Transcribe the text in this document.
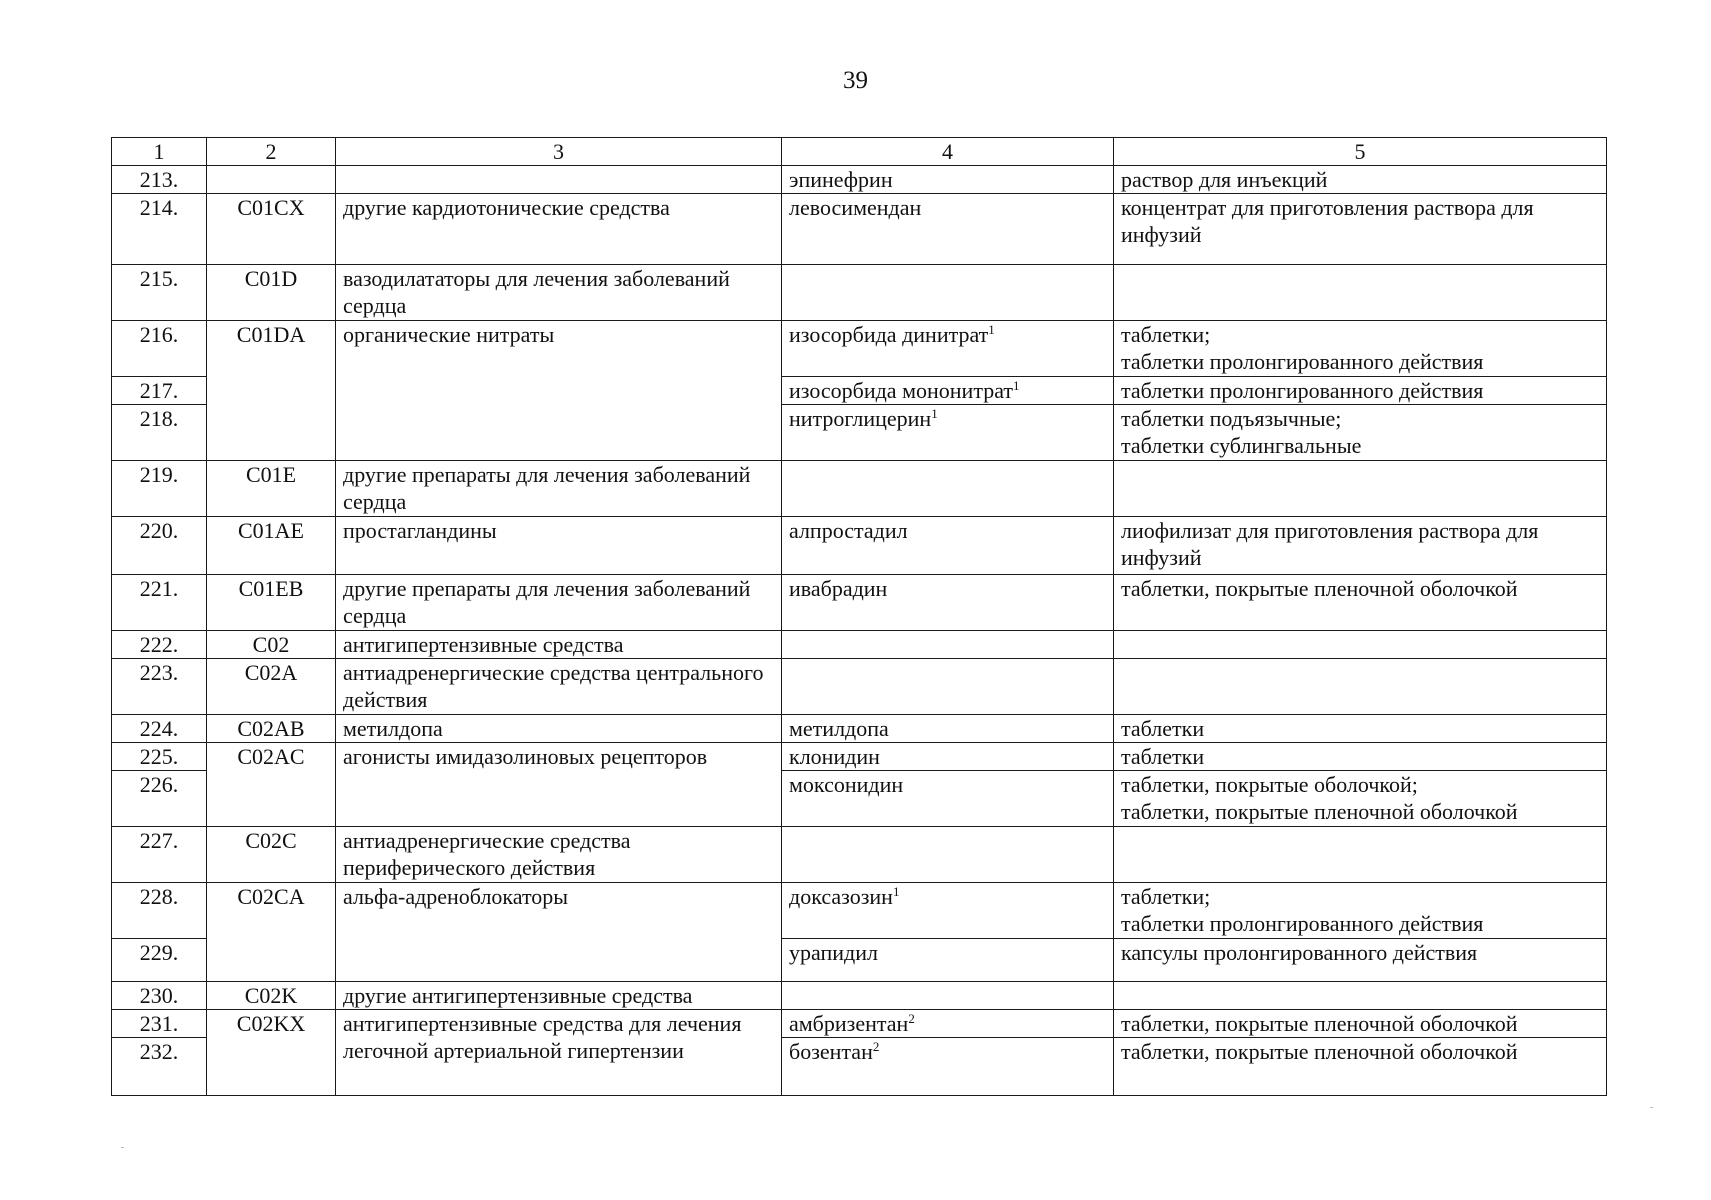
39
1	2	3	4	5
213.			эпинефрин	раствор для инъекций
214.	C01CX	другие кардиотонические средства	левосимендан	концентрат для приготовления раствора для инфузий
215.	C01D	вазодилататоры для лечения заболеваний сердца		
216.	C01DA	органические нитраты	изосорбида динитрат$^1$	таблетки;
таблетки пролонгированного действия
217.			изосорбида мононитрат$^1$	таблетки пролонгированного действия
218.			нитроглицерин$^1$	таблетки подъязычные;
таблетки сублингвальные
219.	C01E	другие препараты для лечения заболеваний сердца		
220.	C01AE	простагландины	алпростадил	лиофилизат для приготовления раствора для инфузий
221.	C01EB	другие препараты для лечения заболеваний сердца	ивабрадин	таблетки, покрытые пленочной оболочкой
222.	C02	антигипертензивные средства		
223.	C02A	антиадренергические средства центрального действия		
224.	C02AB	метилдопа	метилдопа	таблетки
225.	C02AC	агонисты имидазолиновых рецепторов	клонидин	таблетки
226.			моксонидин	таблетки, покрытые оболочкой;
таблетки, покрытые пленочной оболочкой
227.	C02C	антиадренергические средства периферического действия		
228.	C02CA	альфа-адреноблокаторы	доксазозин$^1$	таблетки;
таблетки пролонгированного действия
229.			урапидил	капсулы пролонгированного действия
230.	C02K	другие антигипертензивные средства		
231.	C02KX	антигипертензивные средства для лечения легочной артериальной гипертензии	амбризентан$^2$	таблетки, покрытые пленочной оболочкой
232.			бозентан$^2$	таблетки, покрытые пленочной оболочкой
